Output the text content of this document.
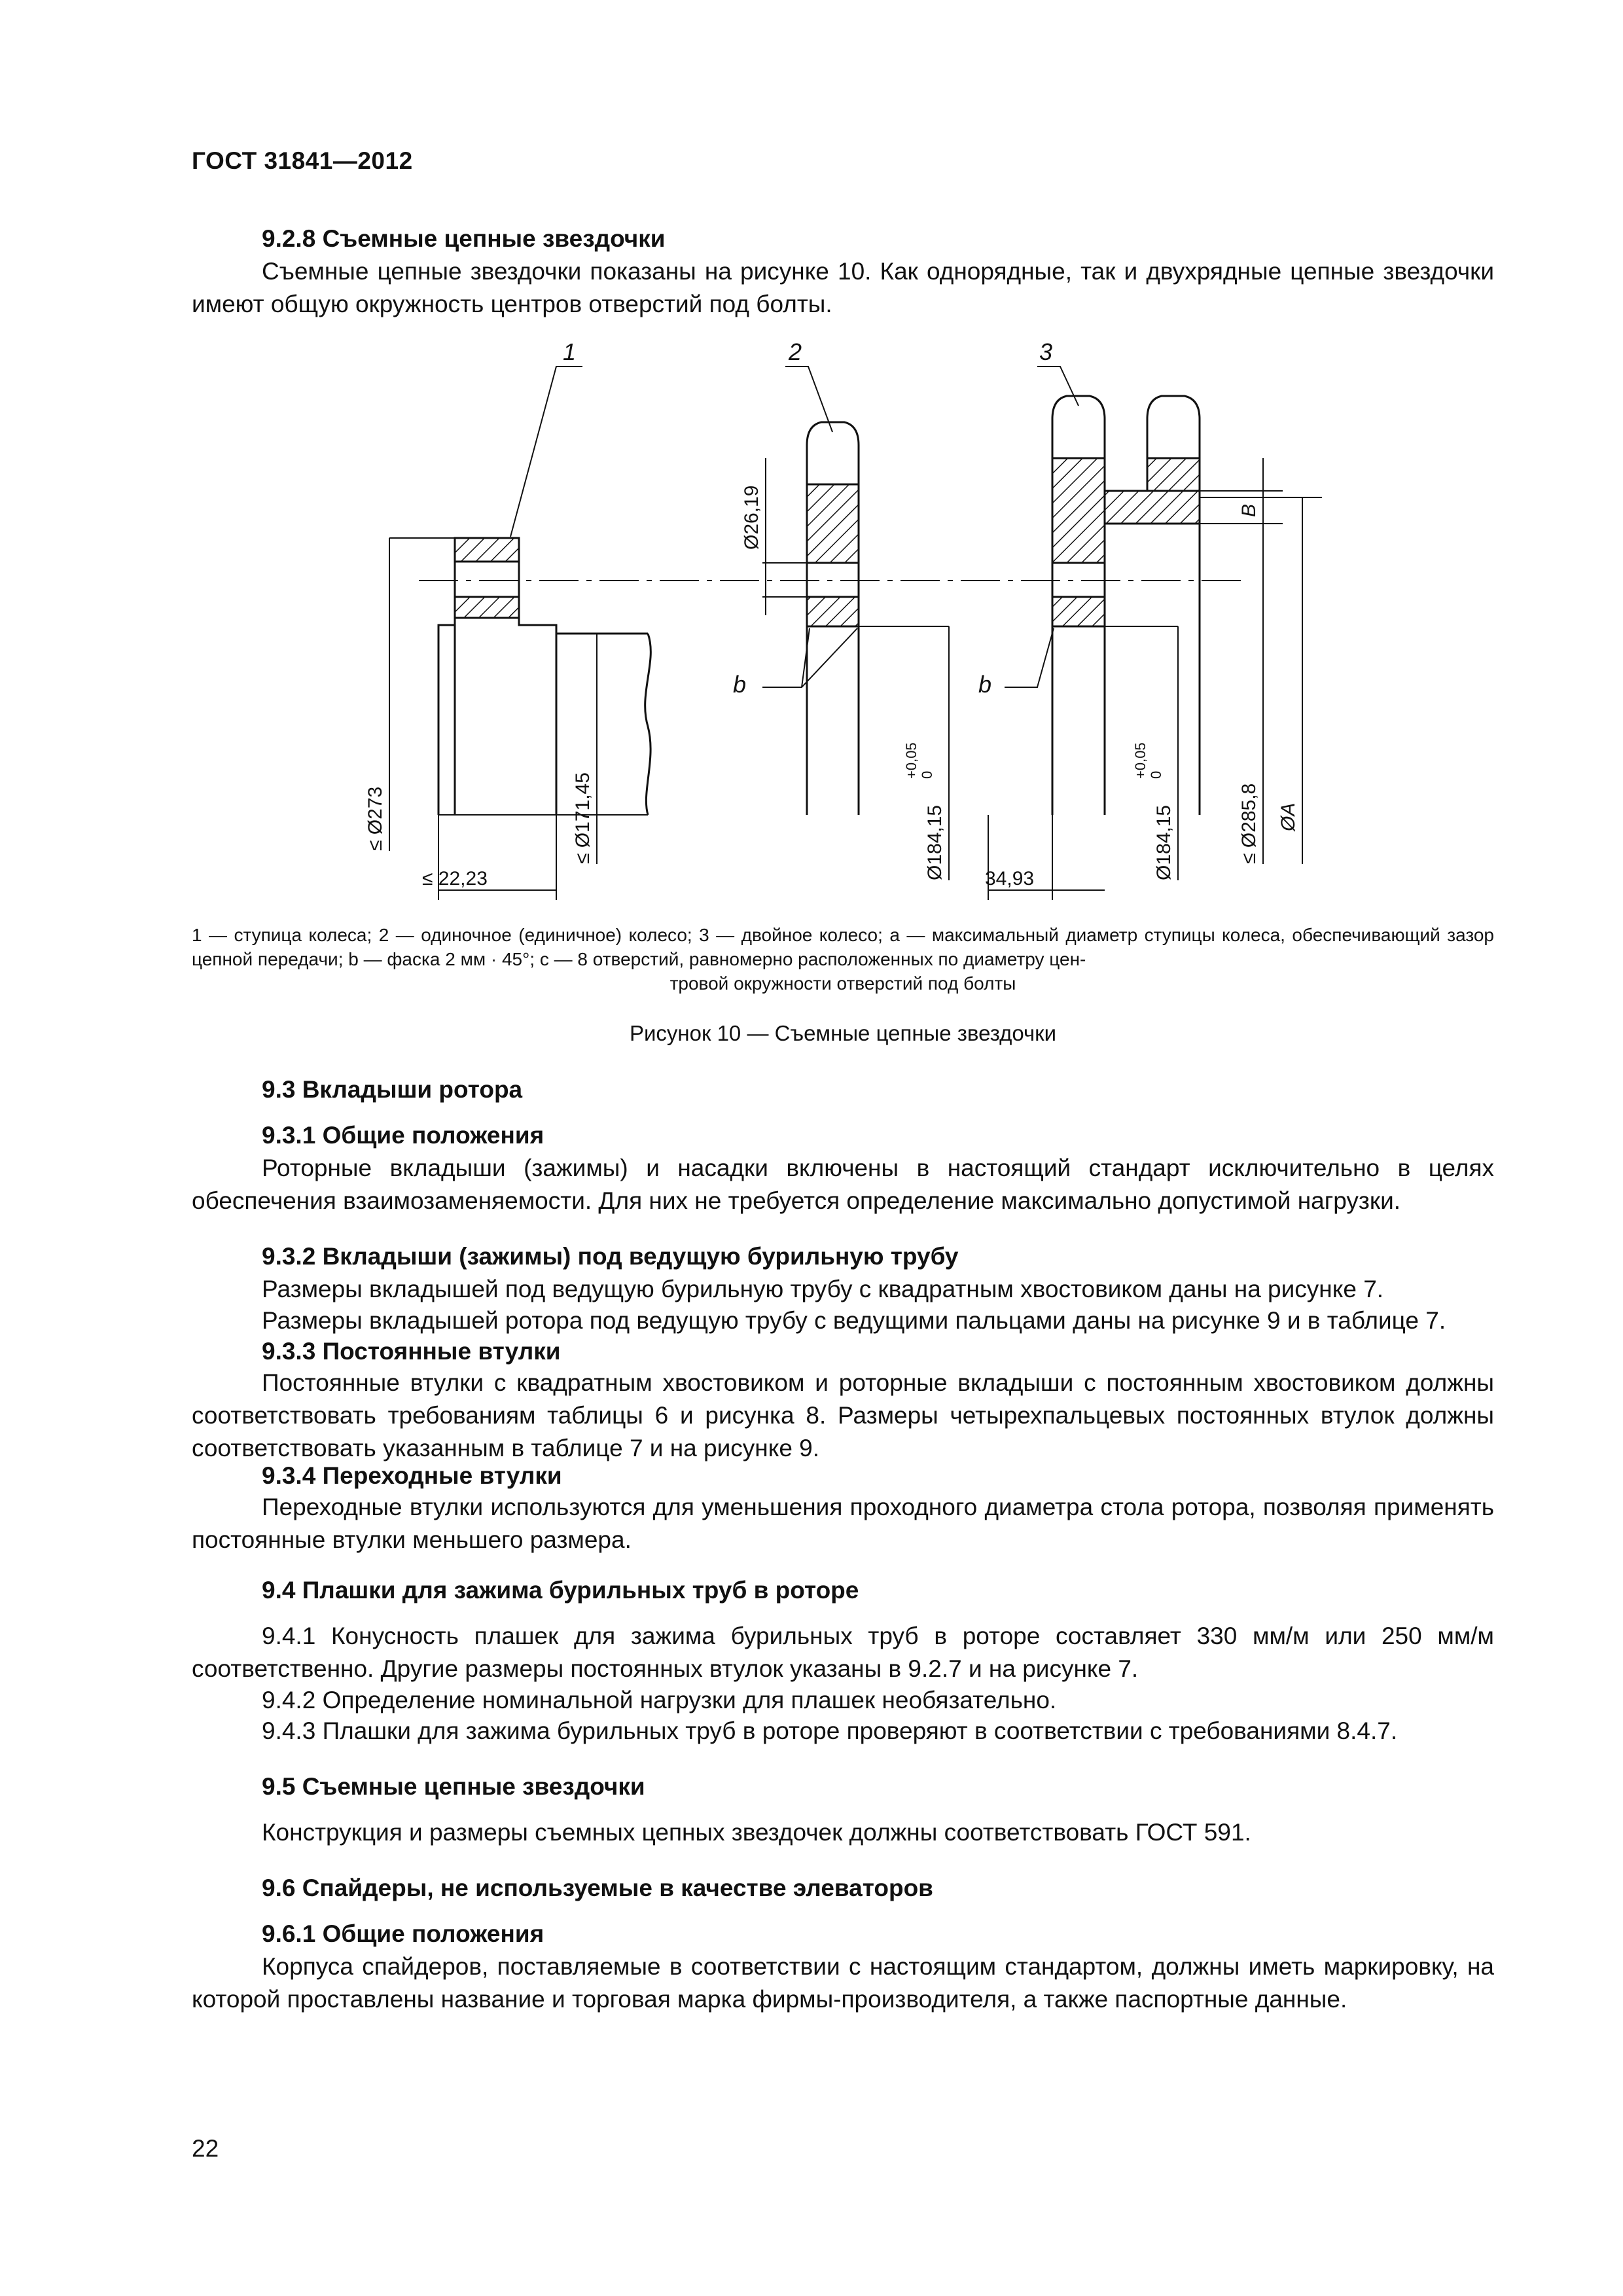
ГОСТ 31841—2012
9.2.8 Съемные цепные звездочки
Съемные цепные звездочки показаны на рисунке 10. Как однорядные, так и двухрядные цепные звездочки имеют общую окружность центров отверстий под болты.
1	2	3
b	b
≤ Ø273	≤ Ø171,45
≤ 22,23
Ø26,19
Ø184,15
+0,05 0
34,93	Ø184,15
+0,05 0
≤ Ø285,8 ØA
B
1 — ступица колеса; 2 — одиночное (единичное) колесо; 3 — двойное колесо; a — максимальный диаметр ступицы колеса, обеспечивающий зазор цепной передачи; b — фаска 2 мм · 45°; c — 8 отверстий, равномерно расположенных по диаметру цен-
тровой окружности отверстий под болты
Рисунок 10 — Съемные цепные звездочки
9.3 Вкладыши ротора
9.3.1 Общие положения
Роторные вкладыши (зажимы) и насадки включены в настоящий стандарт исключительно в целях обеспечения взаимозаменяемости. Для них не требуется определение максимально допустимой нагрузки.
9.3.2 Вкладыши (зажимы) под ведущую бурильную трубу
Размеры вкладышей под ведущую бурильную трубу с квадратным хвостовиком даны на рисунке 7.
Размеры вкладышей ротора под ведущую трубу с ведущими пальцами даны на рисунке 9 и в таблице 7.
9.3.3 Постоянные втулки
Постоянные втулки с квадратным хвостовиком и роторные вкладыши с постоянным хвостовиком должны соответствовать требованиям таблицы 6 и рисунка 8. Размеры четырехпальцевых постоянных втулок должны соответствовать указанным в таблице 7 и на рисунке 9.
9.3.4 Переходные втулки
Переходные втулки используются для уменьшения проходного диаметра стола ротора, позволяя применять постоянные втулки меньшего размера.
9.4 Плашки для зажима бурильных труб в роторе
9.4.1 Конусность плашек для зажима бурильных труб в роторе составляет 330 мм/м или 250 мм/м соответственно. Другие размеры постоянных втулок указаны в 9.2.7 и на рисунке 7.
9.4.2 Определение номинальной нагрузки для плашек необязательно.
9.4.3 Плашки для зажима бурильных труб в роторе проверяют в соответствии с требованиями 8.4.7.
9.5 Съемные цепные звездочки
Конструкция и размеры съемных цепных звездочек должны соответствовать ГОСТ 591.
9.6 Спайдеры, не используемые в качестве элеваторов
9.6.1 Общие положения
Корпуса спайдеров, поставляемые в соответствии с настоящим стандартом, должны иметь маркировку, на которой проставлены название и торговая марка фирмы-производителя, а также паспортные данные.
22
